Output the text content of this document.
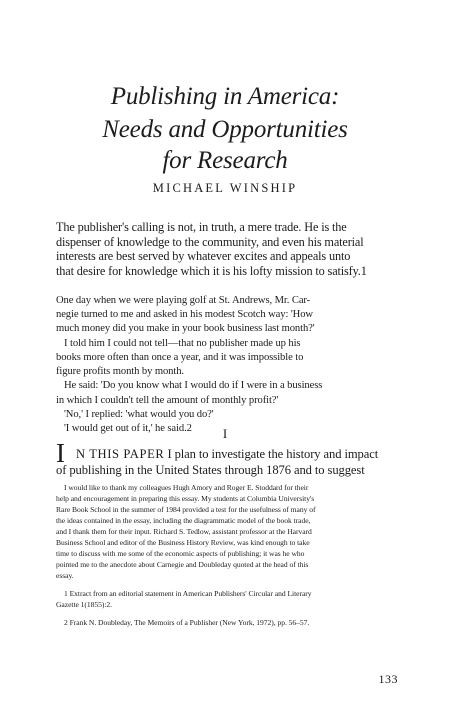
Publishing in America:
Needs and Opportunities
for Research
MICHAEL WINSHIP
The publisher's calling is not, in truth, a mere trade. He is the
dispenser of knowledge to the community, and even his material
interests are best served by whatever excites and appeals unto
that desire for knowledge which it is his lofty mission to satisfy.1
One day when we were playing golf at St. Andrews, Mr. Car-
negie turned to me and asked in his modest Scotch way: 'How
much money did you make in your book business last month?'
I told him I could not tell—that no publisher made up his
books more often than once a year, and it was impossible to
figure profits month by month.
He said: 'Do you know what I would do if I were in a business
in which I couldn't tell the amount of monthly profit?'
'No,' I replied: 'what would you do?'
'I would get out of it,' he said.2	I
I N THIS PAPER I plan to investigate the history and impact
of publishing in the United States through 1876 and to suggest
I would like to thank my colleagues Hugh Amory and Roger E. Stoddard for their
help and encouragement in preparing this essay. My students at Columbia University's
Rare Book School in the summer of 1984 provided a test for the usefulness of many of
the ideas contained in the essay, including the diagrammatic model of the book trade,
and I thank them for their input. Richard S. Tedlow, assistant professor at the Harvard
Business School and editor of the Business History Review, was kind enough to take
time to discuss with me some of the economic aspects of publishing; it was he who
pointed me to the anecdote about Carnegie and Doubleday quoted at the head of this
essay.
1 Extract from an editorial statement in American Publishers' Circular and Literary
Gazette 1(1855):2.
2 Frank N. Doubleday, The Memoirs of a Publisher (New York, 1972), pp. 56–57.
133
